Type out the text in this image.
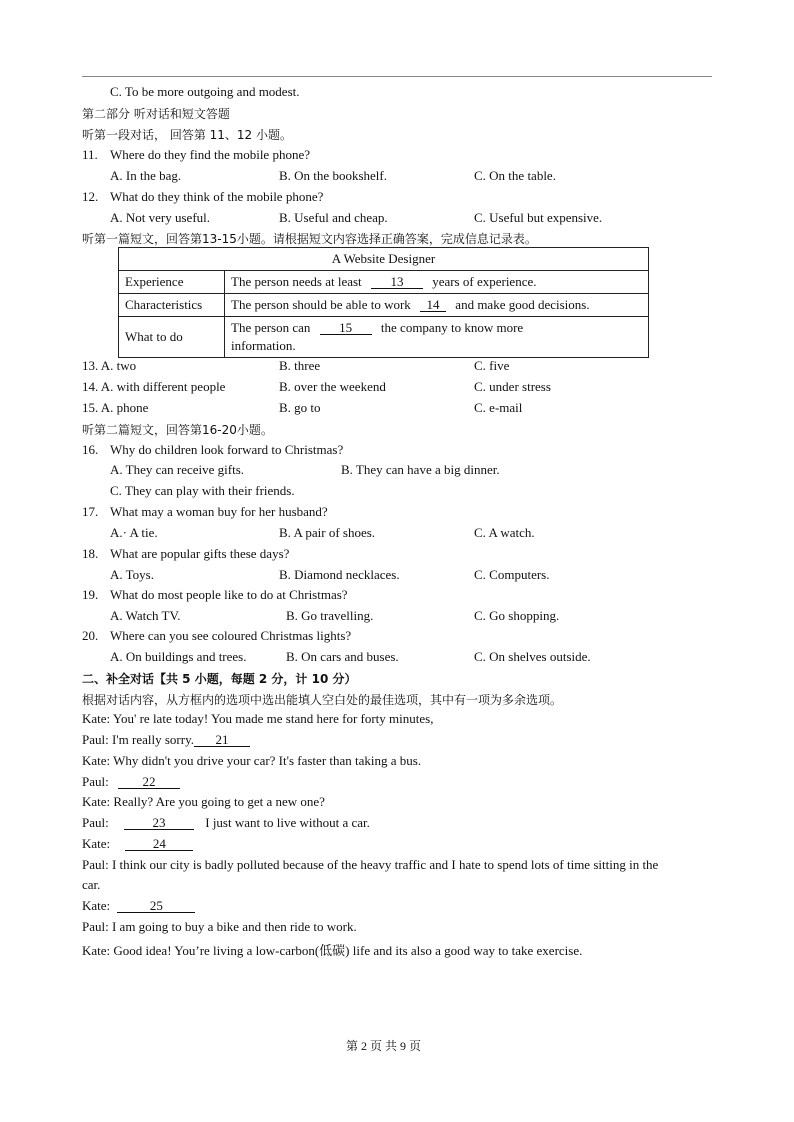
C. To be more outgoing and modest.
第二部分 听对话和短文答题
听第一段对话， 回答第 11、12 小题。
11. Where do they find the mobile phone?
A. In the bag.	B. On the bookshelf.	C. On the table.
12. What do they think of the mobile phone?
A. Not very useful.	B. Useful and cheap.	C. Useful but expensive.
听第一篇短文，回答第13-15小题。请根据短文内容选择正确答案，完成信息记录表。
A Website Designer	
Experience	The person needs at least 13 years of experience.
Characteristics	The person should be able to work 14 and make good decisions.
What to do	The person can 15 the company to know more
information.
13. A. two	B. three	C. five
14. A. with different people	B. over the weekend	C. under stress
15. A. phone	B. go to	C. e-mail
听第二篇短文，回答第16-20小题。
16. Why do children look forward to Christmas?
A. They can receive gifts.	B. They can have a big dinner.
C. They can play with their friends.
17. What may a woman buy for her husband?
A.· A tie.	B. A pair of shoes.	C. A watch.
18. What are popular gifts these days?
A. Toys.	B. Diamond necklaces.	C. Computers.
19. What do most people like to do at Christmas?
A. Watch TV.	B. Go travelling.	C. Go shopping.
20. Where can you see coloured Christmas lights?
A. On buildings and trees.	B. On cars and buses.	C. On shelves outside.
二、补全对话【共 5 小题，每题 2 分，计 10 分）
根据对话内容，从方框内的选项中选出能填人空白处的最佳选项，其中有一项为多余选项。
Kate: You' re late today! You made me stand here for forty minutes,
Paul: I'm really sorry. 21
Kate: Why didn't you drive your car? It's faster than taking a bus.
Paul:	22
Kate: Really? Are you going to get a new one?
Paul:	23	I just want to live without a car.
Kate:	24
Paul: I think our city is badly polluted because of the heavy traffic and I hate to spend lots of time sitting in the
car.
Kate:	25
Paul: I am going to buy a bike and then ride to work.
Kate: Good idea! You’re living a low-carbon(低碳) life and its also a good way to take exercise.
第 2 页 共 9 页
